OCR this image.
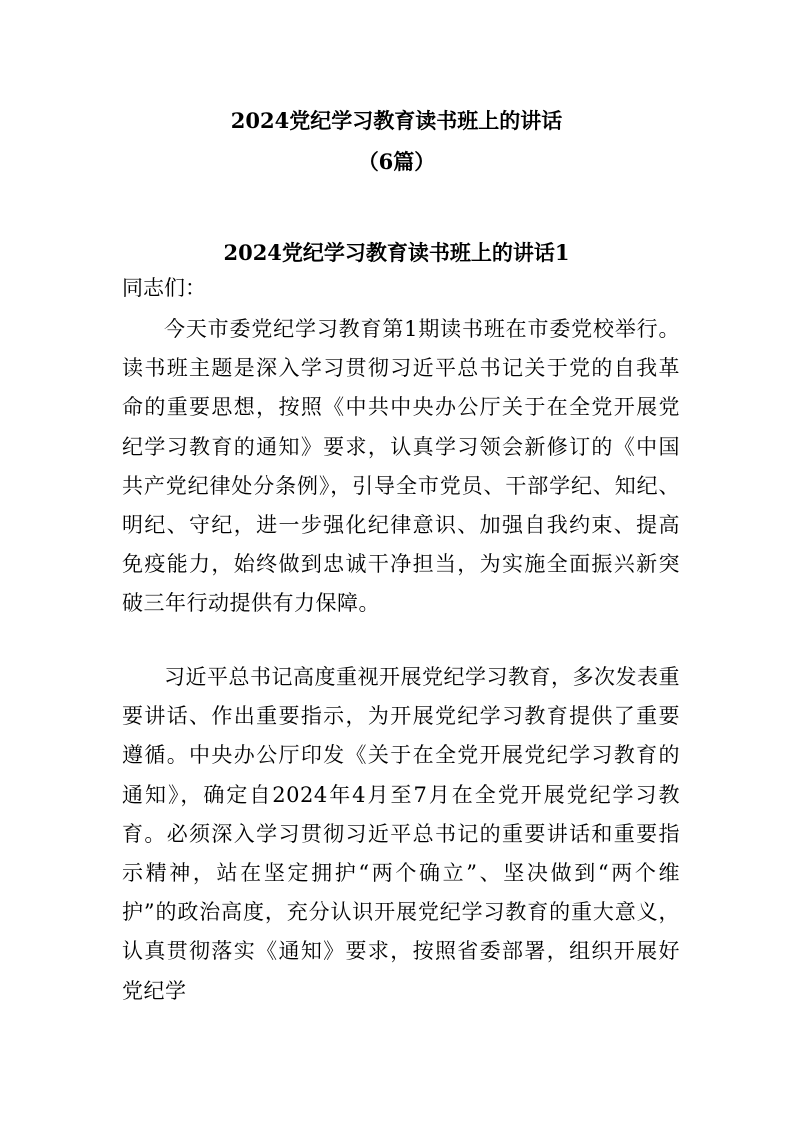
2024党纪学习教育读书班上的讲话
（6篇）
2024党纪学习教育读书班上的讲话1

同志们：

今天市委党纪学习教育第1期读书班在市委党校举行。读书班主题是深入学习贯彻习近平总书记关于党的自我革命的重要思想，按照《中共中央办公厅关于在全党开展党纪学习教育的通知》要求，认真学习领会新修订的《中国共产党纪律处分条例》，引导全市党员、干部学纪、知纪、明纪、守纪，进一步强化纪律意识、加强自我约束、提高免疫能力，始终做到忠诚干净担当，为实施全面振兴新突破三年行动提供有力保障。

习近平总书记高度重视开展党纪学习教育，多次发表重要讲话、作出重要指示，为开展党纪学习教育提供了重要遵循。中央办公厅印发《关于在全党开展党纪学习教育的通知》，确定自2024年4月至7月在全党开展党纪学习教育。必须深入学习贯彻习近平总书记的重要讲话和重要指示精神，站在坚定拥护“两个确立”、坚决做到“两个维护”的政治高度，充分认识开展党纪学习教育的重大意义，认真贯彻落实《通知》要求，按照省委部署，组织开展好党纪学
